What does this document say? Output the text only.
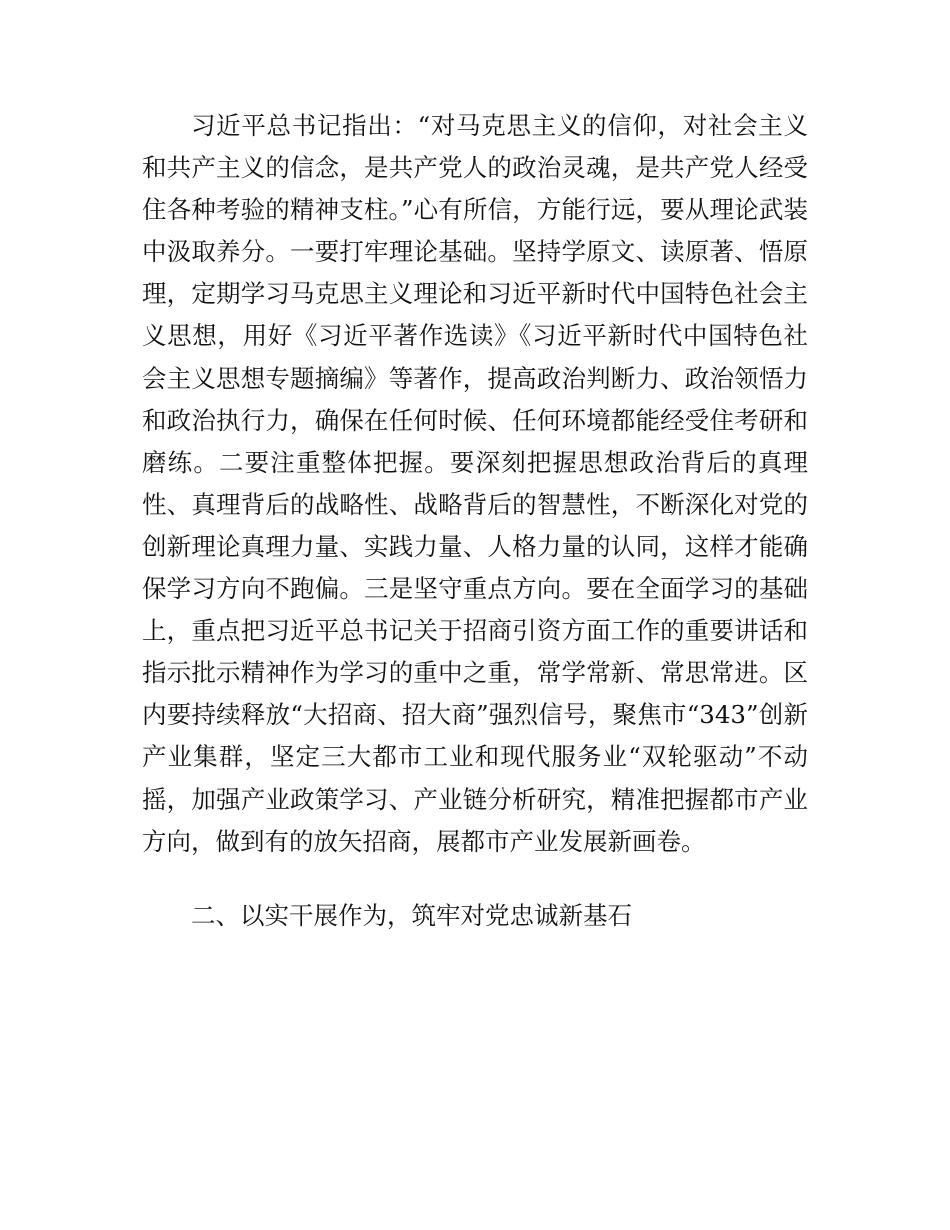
习近平总书记指出：“对马克思主义的信仰，对社会主义和共产主义的信念，是共产党人的政治灵魂，是共产党人经受住各种考验的精神支柱。”心有所信，方能行远，要从理论武装中汲取养分。一要打牢理论基础。坚持学原文、读原著、悟原理，定期学习马克思主义理论和习近平新时代中国特色社会主义思想，用好《习近平著作选读》《习近平新时代中国特色社会主义思想专题摘编》等著作，提高政治判断力、政治领悟力和政治执行力，确保在任何时候、任何环境都能经受住考研和磨练。二要注重整体把握。要深刻把握思想政治背后的真理性、真理背后的战略性、战略背后的智慧性，不断深化对党的创新理论真理力量、实践力量、人格力量的认同，这样才能确保学习方向不跑偏。三是坚守重点方向。要在全面学习的基础上，重点把习近平总书记关于招商引资方面工作的重要讲话和指示批示精神作为学习的重中之重，常学常新、常思常进。区内要持续释放“大招商、招大商”强烈信号，聚焦市“343”创新产业集群，坚定三大都市工业和现代服务业“双轮驱动”不动摇，加强产业政策学习、产业链分析研究，精准把握都市产业方向，做到有的放矢招商，展都市产业发展新画卷。

二、以实干展作为，筑牢对党忠诚新基石
